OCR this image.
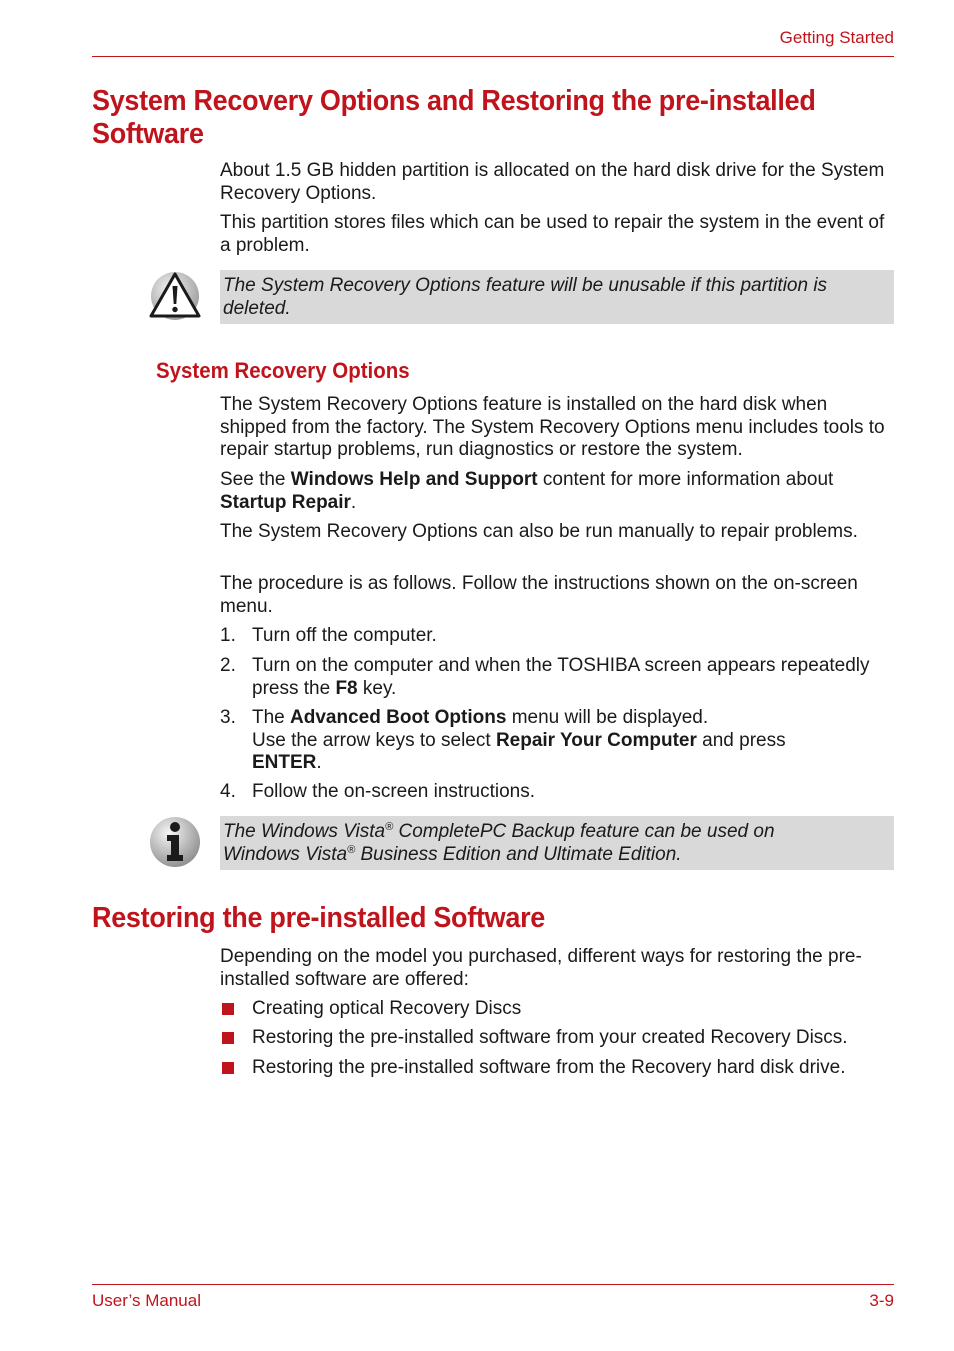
Getting Started
System Recovery Options and Restoring the pre-installed
Software
About 1.5 GB hidden partition is allocated on the hard disk drive for the System Recovery Options.
This partition stores files which can be used to repair the system in the event of a problem.
The System Recovery Options feature will be unusable if this partition is deleted.
System Recovery Options
The System Recovery Options feature is installed on the hard disk when shipped from the factory. The System Recovery Options menu includes tools to repair startup problems, run diagnostics or restore the system.
See the Windows Help and Support content for more information about
Startup Repair.
The System Recovery Options can also be run manually to repair problems.
The procedure is as follows. Follow the instructions shown on the on-screen menu.
1. Turn off the computer.
2. Turn on the computer and when the TOSHIBA screen appears repeatedly press the F8 key.
3. The Advanced Boot Options menu will be displayed.
Use the arrow keys to select Repair Your Computer and press
ENTER.
4. Follow the on-screen instructions.
The Windows Vista® CompletePC Backup feature can be used on
Windows Vista® Business Edition and Ultimate Edition.
Restoring the pre-installed Software
Depending on the model you purchased, different ways for restoring the pre-installed software are offered:
Creating optical Recovery Discs
Restoring the pre-installed software from your created Recovery Discs.
Restoring the pre-installed software from the Recovery hard disk drive.
User’s Manual	3-9
